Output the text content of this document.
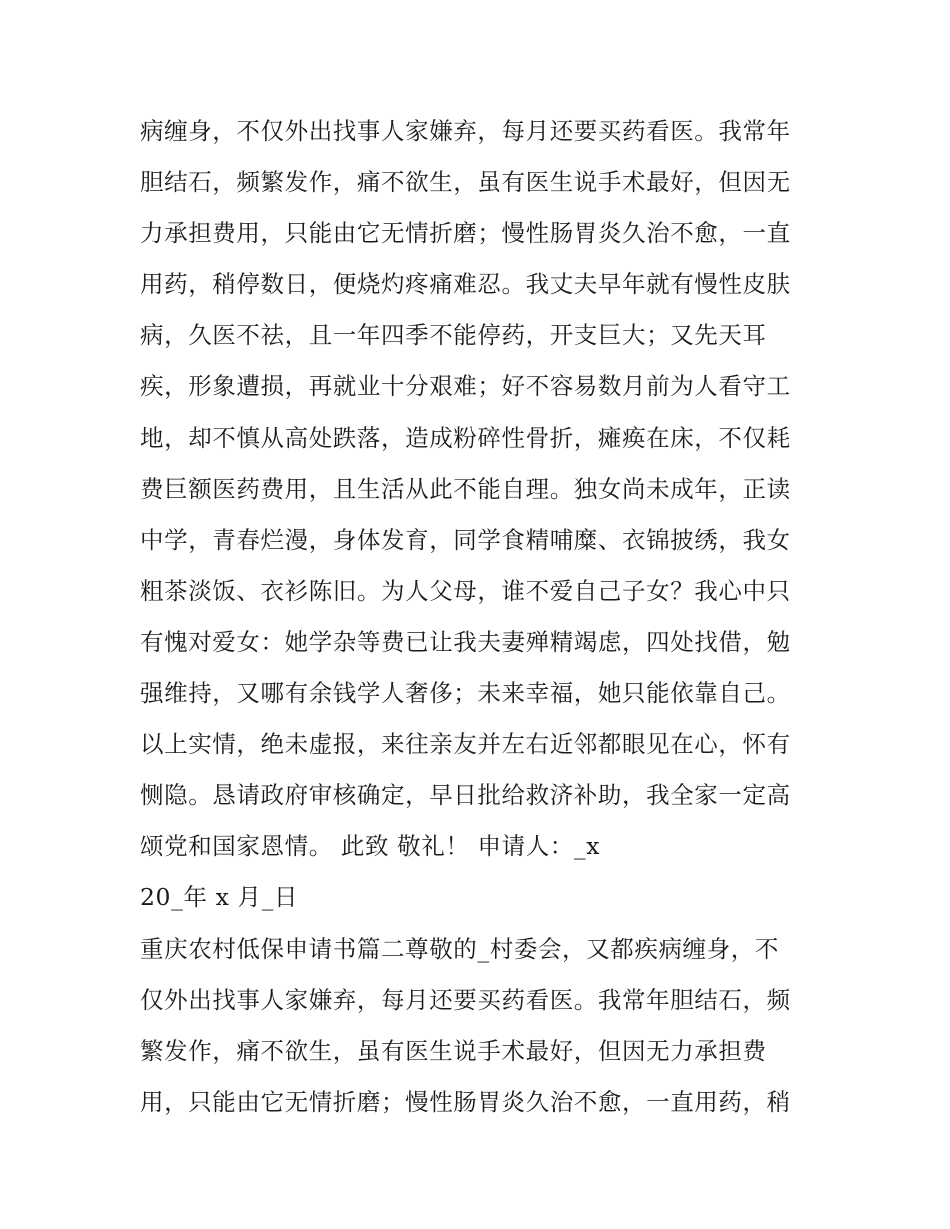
病缠身，不仅外出找事人家嫌弃，每月还要买药看医。我常年
胆结石，频繁发作，痛不欲生，虽有医生说手术最好，但因无
力承担费用，只能由它无情折磨；慢性肠胃炎久治不愈，一直
用药，稍停数日，便烧灼疼痛难忍。我丈夫早年就有慢性皮肤
病，久医不祛，且一年四季不能停药，开支巨大；又先天耳
疾，形象遭损，再就业十分艰难；好不容易数月前为人看守工
地，却不慎从高处跌落，造成粉碎性骨折，瘫痪在床，不仅耗
费巨额医药费用，且生活从此不能自理。独女尚未成年，正读
中学，青春烂漫，身体发育，同学食精哺糜、衣锦披绣，我女
粗茶淡饭、衣衫陈旧。为人父母，谁不爱自己子女？我心中只
有愧对爱女：她学杂等费已让我夫妻殚精竭虑，四处找借，勉
强维持，又哪有余钱学人奢侈；未来幸福，她只能依靠自己。
以上实情，绝未虚报，来往亲友并左右近邻都眼见在心，怀有
恻隐。恳请政府审核确定，早日批给救济补助，我全家一定高
颂党和国家恩情。 此致 敬礼！ 申请人：_x
20_年 x 月_日
重庆农村低保申请书篇二尊敬的_村委会，又都疾病缠身，不
仅外出找事人家嫌弃，每月还要买药看医。我常年胆结石，频
繁发作，痛不欲生，虽有医生说手术最好，但因无力承担费
用，只能由它无情折磨；慢性肠胃炎久治不愈，一直用药，稍
